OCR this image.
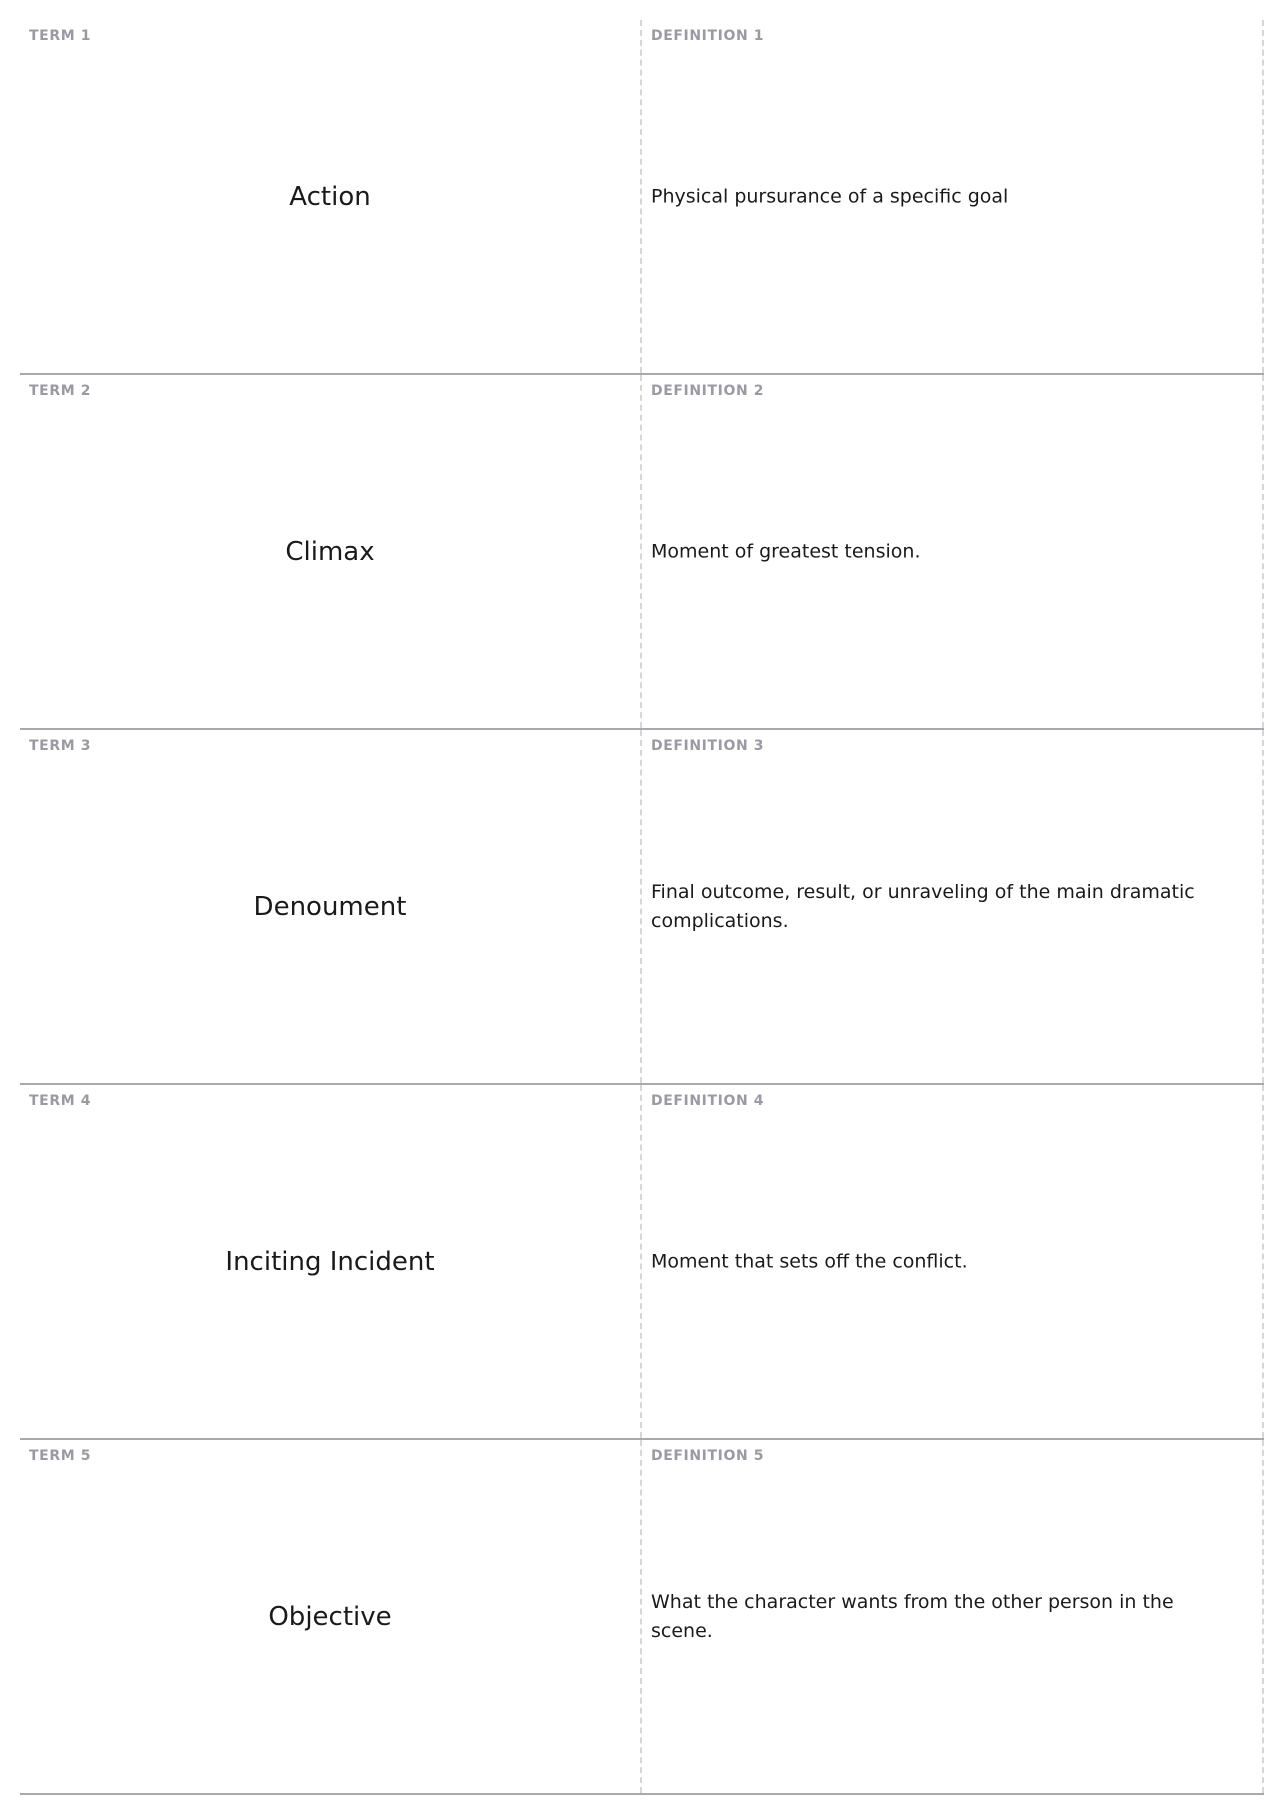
TERM 1
Action
DEFINITION 1
Physical pursurance of a specific goal
TERM 2
Climax
DEFINITION 2
Moment of greatest tension.
TERM 3
Denoument
DEFINITION 3
Final outcome, result, or unraveling of the main dramatic complications.
TERM 4
Inciting Incident
DEFINITION 4
Moment that sets off the conflict.
TERM 5
Objective
DEFINITION 5
What the character wants from the other person in the scene.
